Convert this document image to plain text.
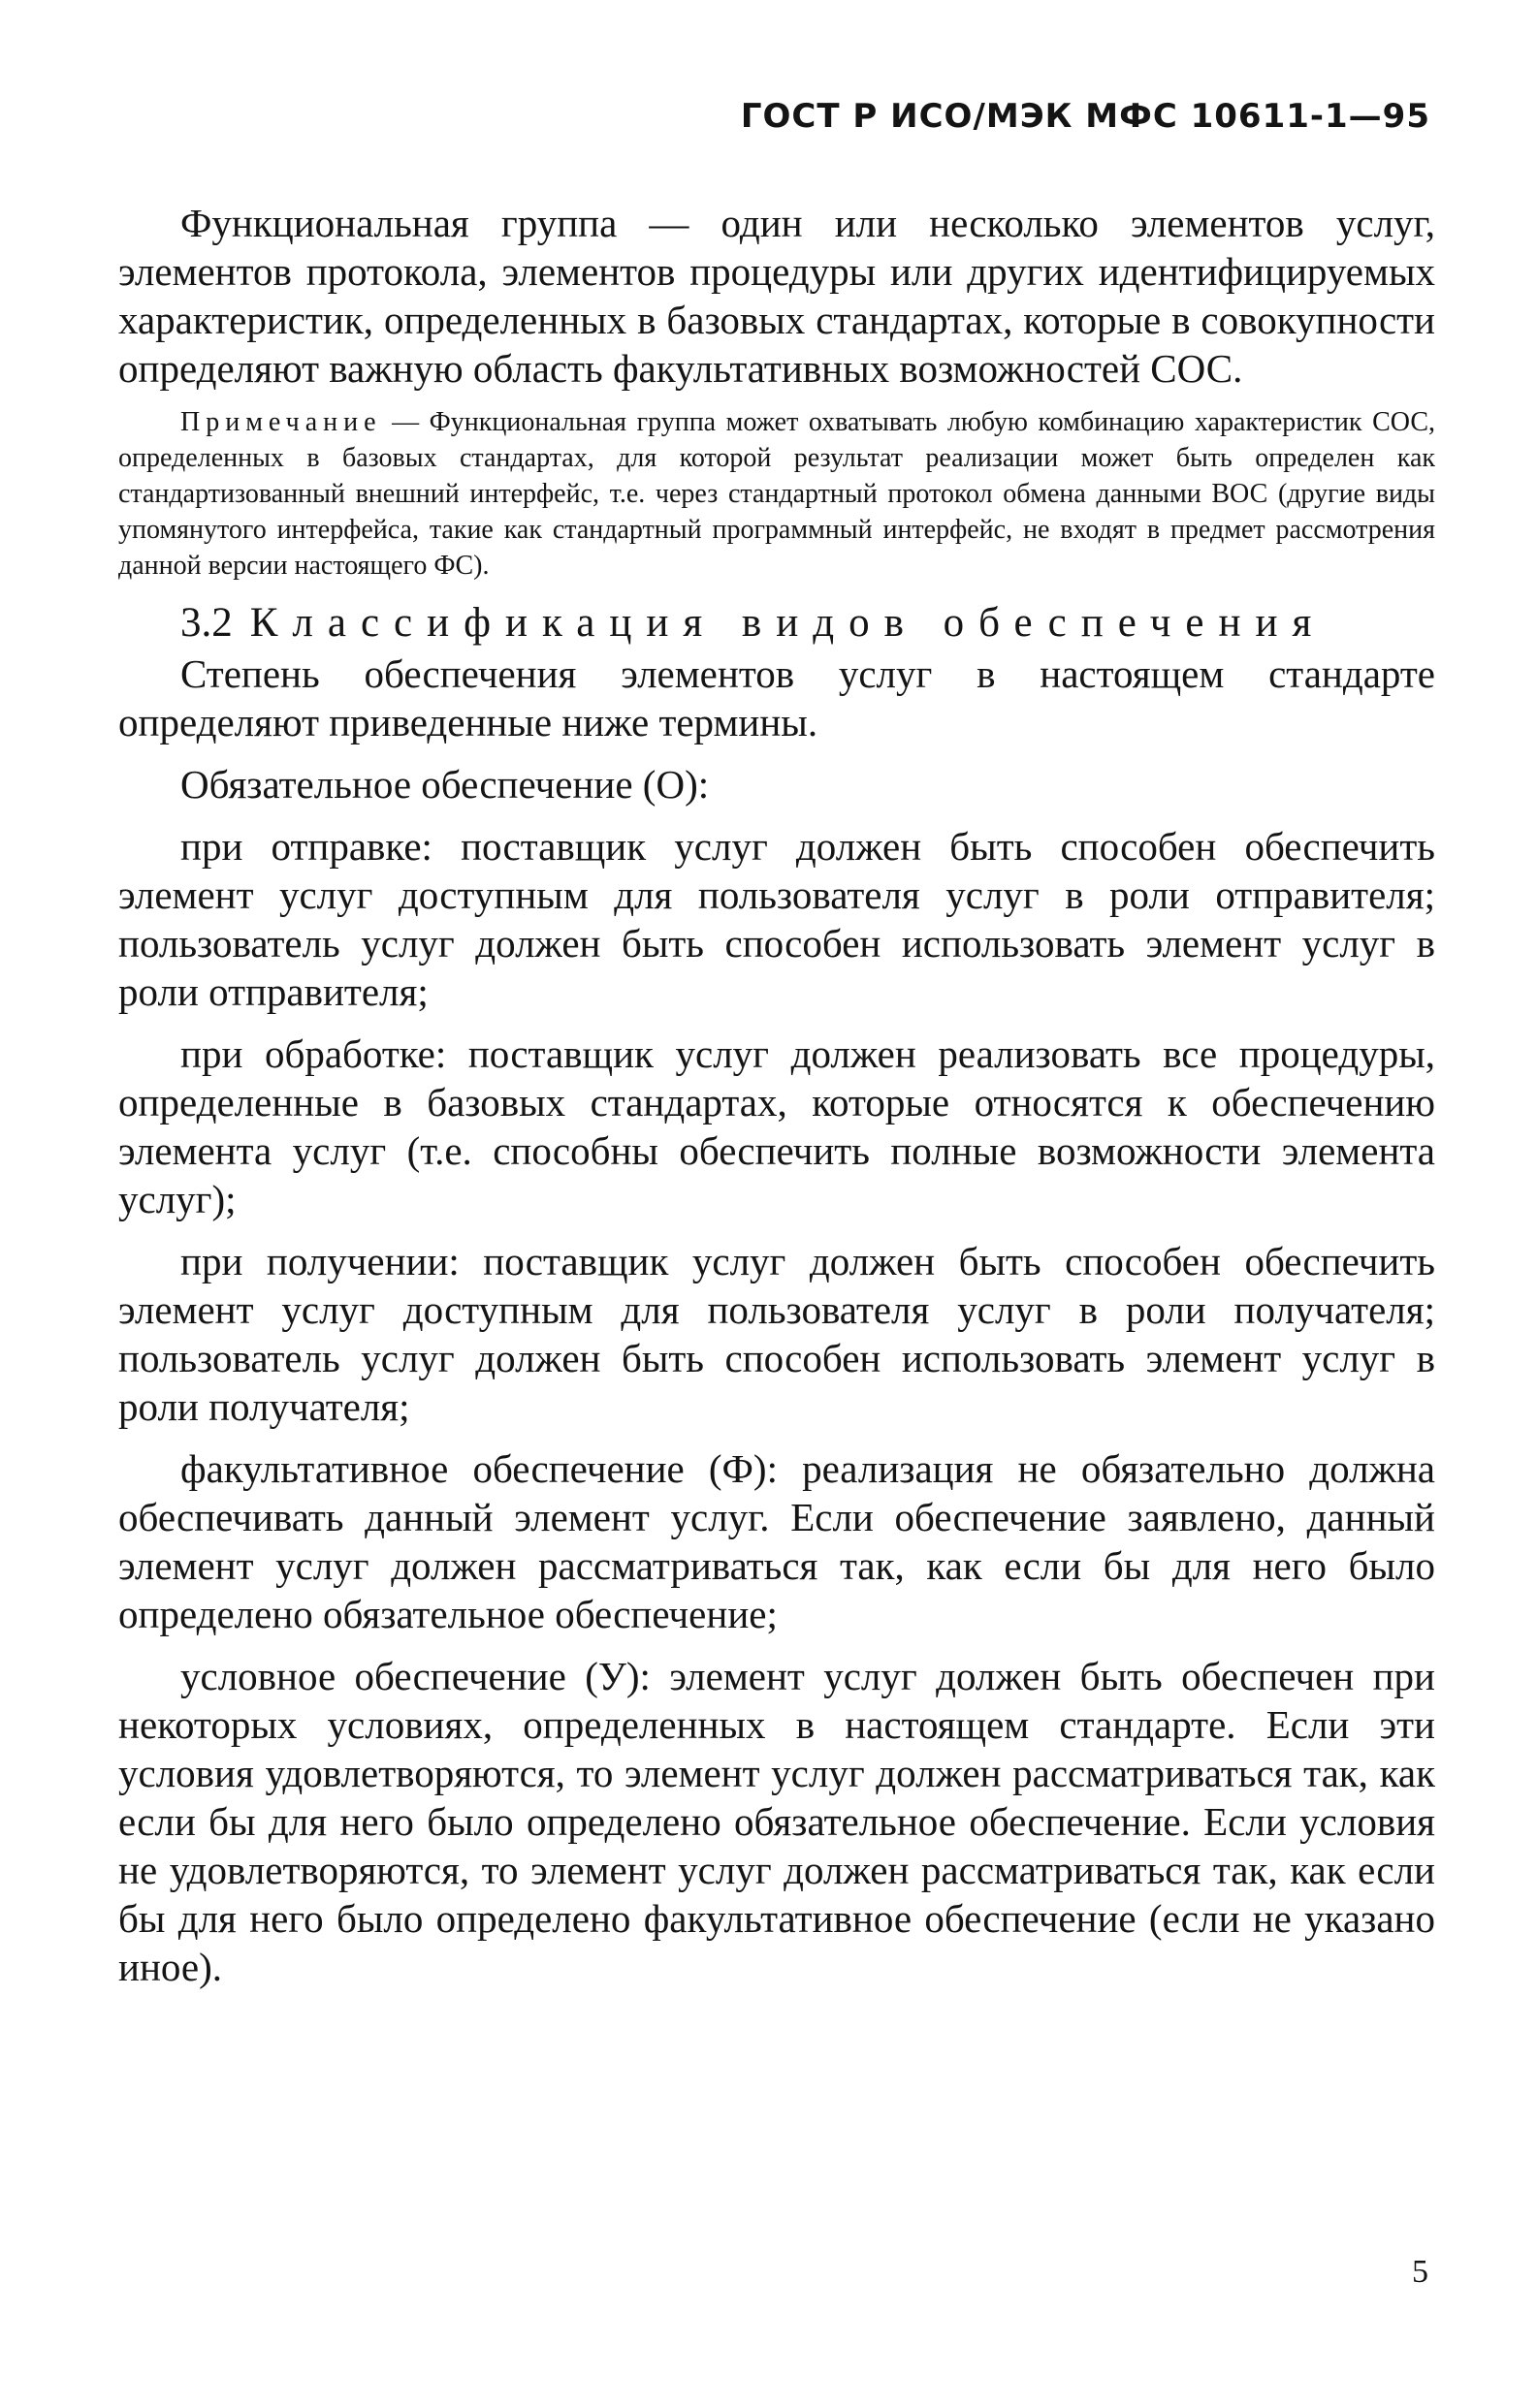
ГОСТ Р ИСО/МЭК МФС 10611-1—95

Функциональная группа — один или несколько элементов услуг, элементов протокола, элементов процедуры или других идентифицируемых характеристик, определенных в базовых стандартах, которые в совокупности определяют важную область факультативных возможностей СОС.

Примечание — Функциональная группа может охватывать любую комбинацию характеристик СОС, определенных в базовых стандартах, для которой результат реализации может быть определен как стандартизованный внешний интерфейс, т.е. через стандартный протокол обмена данными ВОС (другие виды упомянутого интерфейса, такие как стандартный программный интерфейс, не входят в предмет рассмотрения данной версии настоящего ФС).

3.2 Классификация видов обеспечения

Степень обеспечения элементов услуг в настоящем стандарте определяют приведенные ниже термины.

Обязательное обеспечение (О):

при отправке: поставщик услуг должен быть способен обеспечить элемент услуг доступным для пользователя услуг в роли отправителя; пользователь услуг должен быть способен использовать элемент услуг в роли отправителя;

при обработке: поставщик услуг должен реализовать все процедуры, определенные в базовых стандартах, которые относятся к обеспечению элемента услуг (т.е. способны обеспечить полные возможности элемента услуг);

при получении: поставщик услуг должен быть способен обеспечить элемент услуг доступным для пользователя услуг в роли получателя; пользователь услуг должен быть способен использовать элемент услуг в роли получателя;

факультативное обеспечение (Ф): реализация не обязательно должна обеспечивать данный элемент услуг. Если обеспечение заявлено, данный элемент услуг должен рассматриваться так, как если бы для него было определено обязательное обеспечение;

условное обеспечение (У): элемент услуг должен быть обеспечен при некоторых условиях, определенных в настоящем стандарте. Если эти условия удовлетворяются, то элемент услуг должен рассматриваться так, как если бы для него было определено обязательное обеспечение. Если условия не удовлетворяются, то элемент услуг должен рассматриваться так, как если бы для него было определено факультативное обеспечение (если не указано иное).

5
